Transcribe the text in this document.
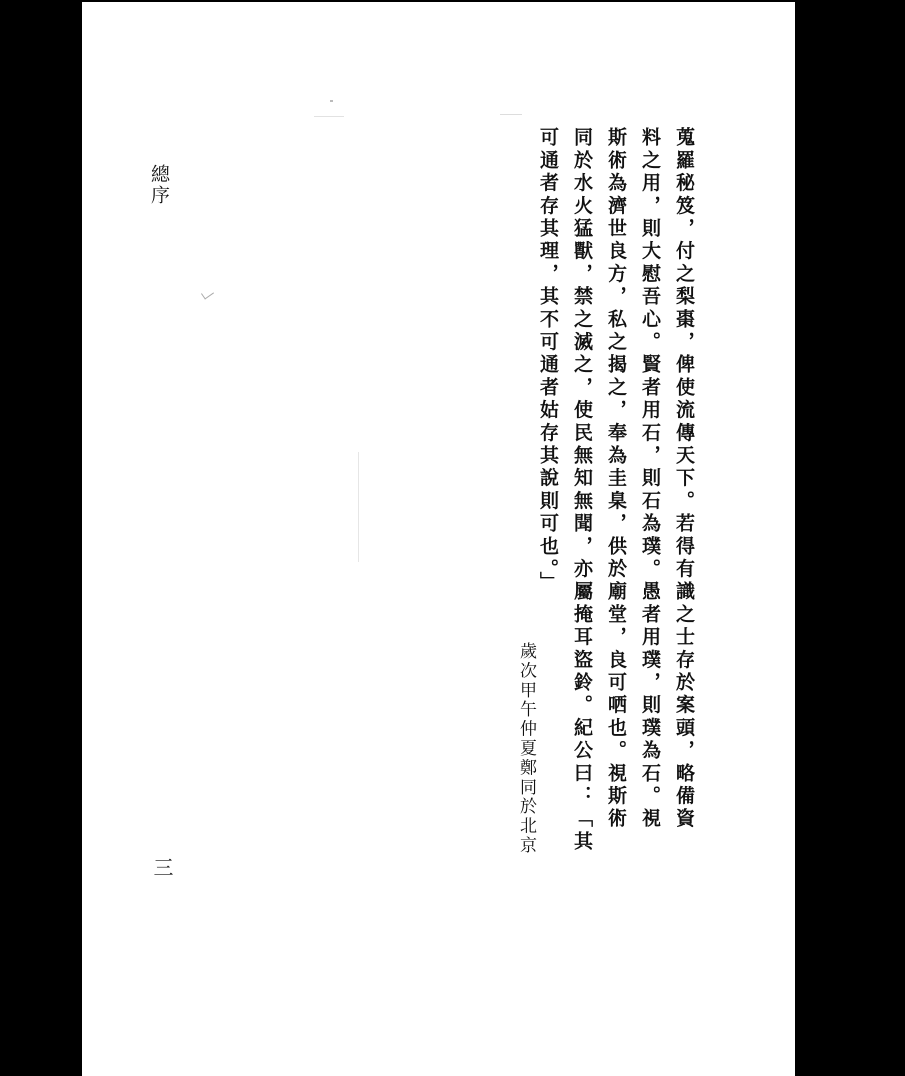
總序	蒐羅秘笈，付之梨棗，俾使流傳天下。若得有識之士存於案頭，略備資
料之用，則大慰吾心。賢者用石，則石為璞。愚者用璞，則璞為石。視
斯術為濟世良方，私之揭之，奉為圭臬，供於廟堂，良可哂也。視斯術
同於水火猛獸，禁之滅之，使民無知無聞，亦屬掩耳盜鈴。紀公曰：「其
可通者存其理，其不可通者姑存其說則可也。」
歲次甲午仲夏鄭同於北京
三
